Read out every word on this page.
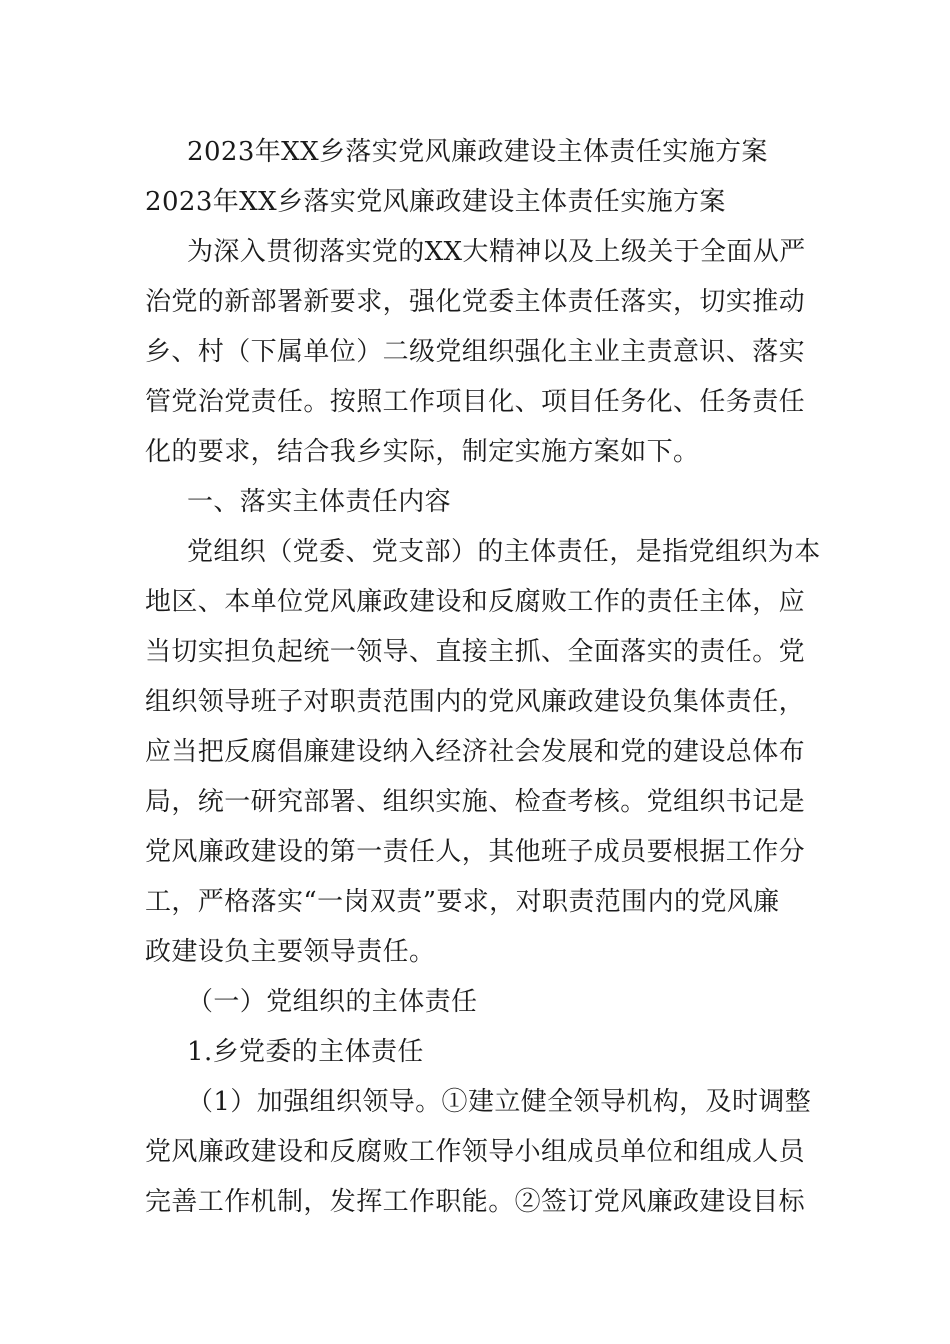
2023年XX乡落实党风廉政建设主体责任实施方案
2023年XX乡落实党风廉政建设主体责任实施方案
为深入贯彻落实党的XX大精神以及上级关于全面从严
治党的新部署新要求，强化党委主体责任落实，切实推动
乡、村（下属单位）二级党组织强化主业主责意识、落实
管党治党责任。按照工作项目化、项目任务化、任务责任
化的要求，结合我乡实际，制定实施方案如下。
一、落实主体责任内容
党组织（党委、党支部）的主体责任，是指党组织为本
地区、本单位党风廉政建设和反腐败工作的责任主体，应
当切实担负起统一领导、直接主抓、全面落实的责任。党
组织领导班子对职责范围内的党风廉政建设负集体责任，
应当把反腐倡廉建设纳入经济社会发展和党的建设总体布
局，统一研究部署、组织实施、检查考核。党组织书记是
党风廉政建设的第一责任人，其他班子成员要根据工作分
工，严格落实“一岗双责”要求，对职责范围内的党风廉
政建设负主要领导责任。
（一）党组织的主体责任
1.乡党委的主体责任
（1）加强组织领导。①建立健全领导机构，及时调整
党风廉政建设和反腐败工作领导小组成员单位和组成人员
完善工作机制，发挥工作职能。②签订党风廉政建设目标
